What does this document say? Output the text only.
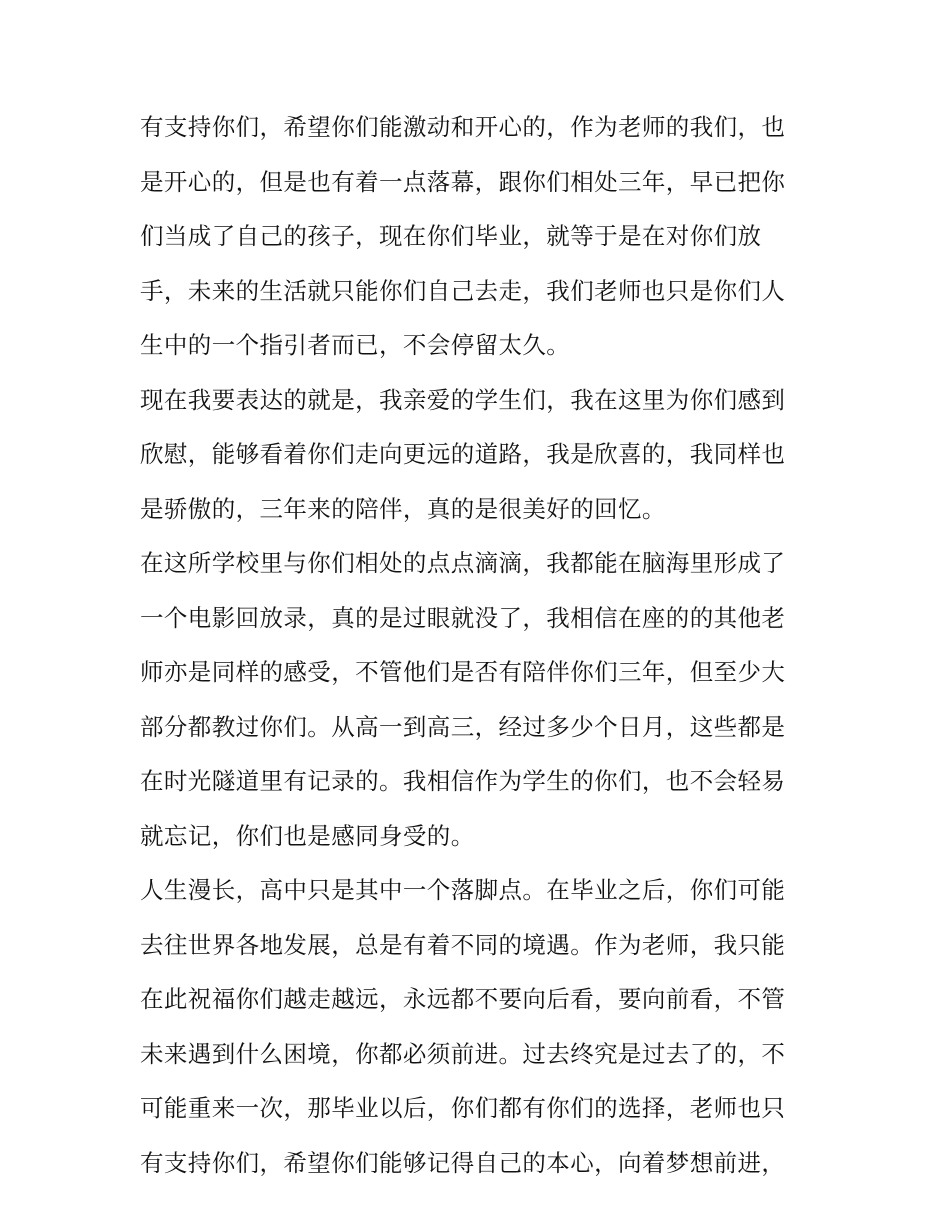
有支持你们，希望你们能激动和开心的，作为老师的我们，也
是开心的，但是也有着一点落幕，跟你们相处三年，早已把你
们当成了自己的孩子，现在你们毕业，就等于是在对你们放
手，未来的生活就只能你们自己去走，我们老师也只是你们人
生中的一个指引者而已，不会停留太久。
现在我要表达的就是，我亲爱的学生们，我在这里为你们感到
欣慰，能够看着你们走向更远的道路，我是欣喜的，我同样也
是骄傲的，三年来的陪伴，真的是很美好的回忆。
在这所学校里与你们相处的点点滴滴，我都能在脑海里形成了
一个电影回放录，真的是过眼就没了，我相信在座的的其他老
师亦是同样的感受，不管他们是否有陪伴你们三年，但至少大
部分都教过你们。从高一到高三，经过多少个日月，这些都是
在时光隧道里有记录的。我相信作为学生的你们，也不会轻易
就忘记，你们也是感同身受的。
人生漫长，高中只是其中一个落脚点。在毕业之后，你们可能
去往世界各地发展，总是有着不同的境遇。作为老师，我只能
在此祝福你们越走越远，永远都不要向后看，要向前看，不管
未来遇到什么困境，你都必须前进。过去终究是过去了的，不
可能重来一次，那毕业以后，你们都有你们的选择，老师也只
有支持你们，希望你们能够记得自己的本心，向着梦想前进，
